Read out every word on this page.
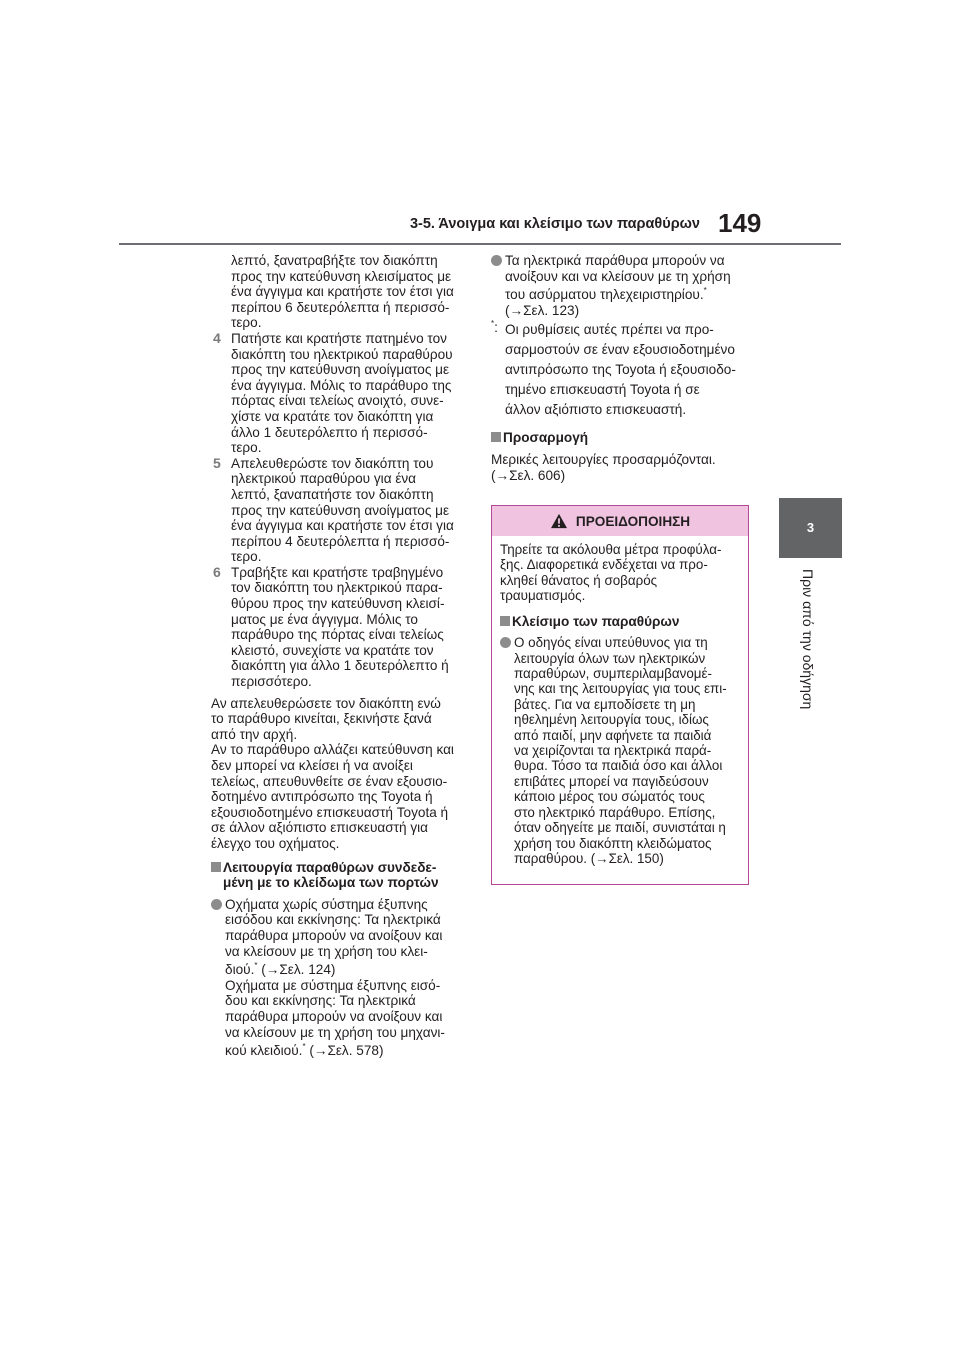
3-5. Άνοιγμα και κλείσιμο των παραθύρων 149
3
Πριν από την οδήγηση

λεπτό, ξανατραβήξτε τον διακόπτη

προς την κατεύθυνση κλεισίματος με

ένα άγγιγμα και κρατήστε τον έτσι για

περίπου 6 δευτερόλεπτα ή περισσό-

τερο.

4 Πατήστε και κρατήστε πατημένο τον

διακόπτη του ηλεκτρικού παραθύρου

προς την κατεύθυνση ανοίγματος με

ένα άγγιγμα. Μόλις το παράθυρο της

πόρτας είναι τελείως ανοιχτό, συνε-

χίστε να κρατάτε τον διακόπτη για

άλλο 1 δευτερόλεπτο ή περισσό-

τερο.

5 Απελευθερώστε τον διακόπτη του

ηλεκτρικού παραθύρου για ένα

λεπτό, ξαναπατήστε τον διακόπτη

προς την κατεύθυνση ανοίγματος με

ένα άγγιγμα και κρατήστε τον έτσι για

περίπου 4 δευτερόλεπτα ή περισσό-

τερο.

6 Τραβήξτε και κρατήστε τραβηγμένο

τον διακόπτη του ηλεκτρικού παρα-

θύρου προς την κατεύθυνση κλεισί-

ματος με ένα άγγιγμα. Μόλις το

παράθυρο της πόρτας είναι τελείως

κλειστό, συνεχίστε να κρατάτε τον

διακόπτη για άλλο 1 δευτερόλεπτο ή

περισσότερο.

Αν απελευθερώσετε τον διακόπτη ενώ

το παράθυρο κινείται, ξεκινήστε ξανά

από την αρχή.

Αν το παράθυρο αλλάζει κατεύθυνση και

δεν μπορεί να κλείσει ή να ανοίξει

τελείως, απευθυνθείτε σε έναν εξουσιο-

δοτημένο αντιπρόσωπο της Toyota ή

εξουσιοδοτημένο επισκευαστή Toyota ή

σε άλλον αξιόπιστο επισκευαστή για

έλεγχο του οχήματος.

Λειτουργία παραθύρων συνδεδε-
μένη με το κλείδωμα των πορτών

Οχήματα χωρίς σύστημα έξυπνης

εισόδου και εκκίνησης: Τα ηλεκτρικά

παράθυρα μπορούν να ανοίξουν και

να κλείσουν με τη χρήση του κλει-

διού.* (→Σελ. 124)

Οχήματα με σύστημα έξυπνης εισό-

δου και εκκίνησης: Τα ηλεκτρικά

παράθυρα μπορούν να ανοίξουν και

να κλείσουν με τη χρήση του μηχανι-

κού κλειδιού.* (→Σελ. 578)

Τα ηλεκτρικά παράθυρα μπορούν να

ανοίξουν και να κλείσουν με τη χρήση

του ασύρματου τηλεχειριστηρίου.*

(→Σελ. 123)

*: Οι ρυθμίσεις αυτές πρέπει να προ-

σαρμοστούν σε έναν εξουσιοδοτημένο

αντιπρόσωπο της Toyota ή εξουσιοδο-

τημένο επισκευαστή Toyota ή σε

άλλον αξιόπιστο επισκευαστή.

Προσαρμογή

Μερικές λειτουργίες προσαρμόζονται.

(→Σελ. 606)

ΠΡΟΕΙΔΟΠΟΙΗΣΗ

Τηρείτε τα ακόλουθα μέτρα προφύλα-

ξης. Διαφορετικά ενδέχεται να προ-

κληθεί θάνατος ή σοβαρός

τραυματισμός.

Κλείσιμο των παραθύρων

Ο οδηγός είναι υπεύθυνος για τη

λειτουργία όλων των ηλεκτρικών

παραθύρων, συμπεριλαμβανομέ-

νης και της λειτουργίας για τους επι-

βάτες. Για να εμποδίσετε τη μη

ηθελημένη λειτουργία τους, ιδίως

από παιδί, μην αφήνετε τα παιδιά

να χειρίζονται τα ηλεκτρικά παρά-

θυρα. Τόσο τα παιδιά όσο και άλλοι

επιβάτες μπορεί να παγιδεύσουν

κάποιο μέρος του σώματός τους

στο ηλεκτρικό παράθυρο. Επίσης,

όταν οδηγείτε με παιδί, συνιστάται η

χρήση του διακόπτη κλειδώματος

παραθύρου. (→Σελ. 150)
